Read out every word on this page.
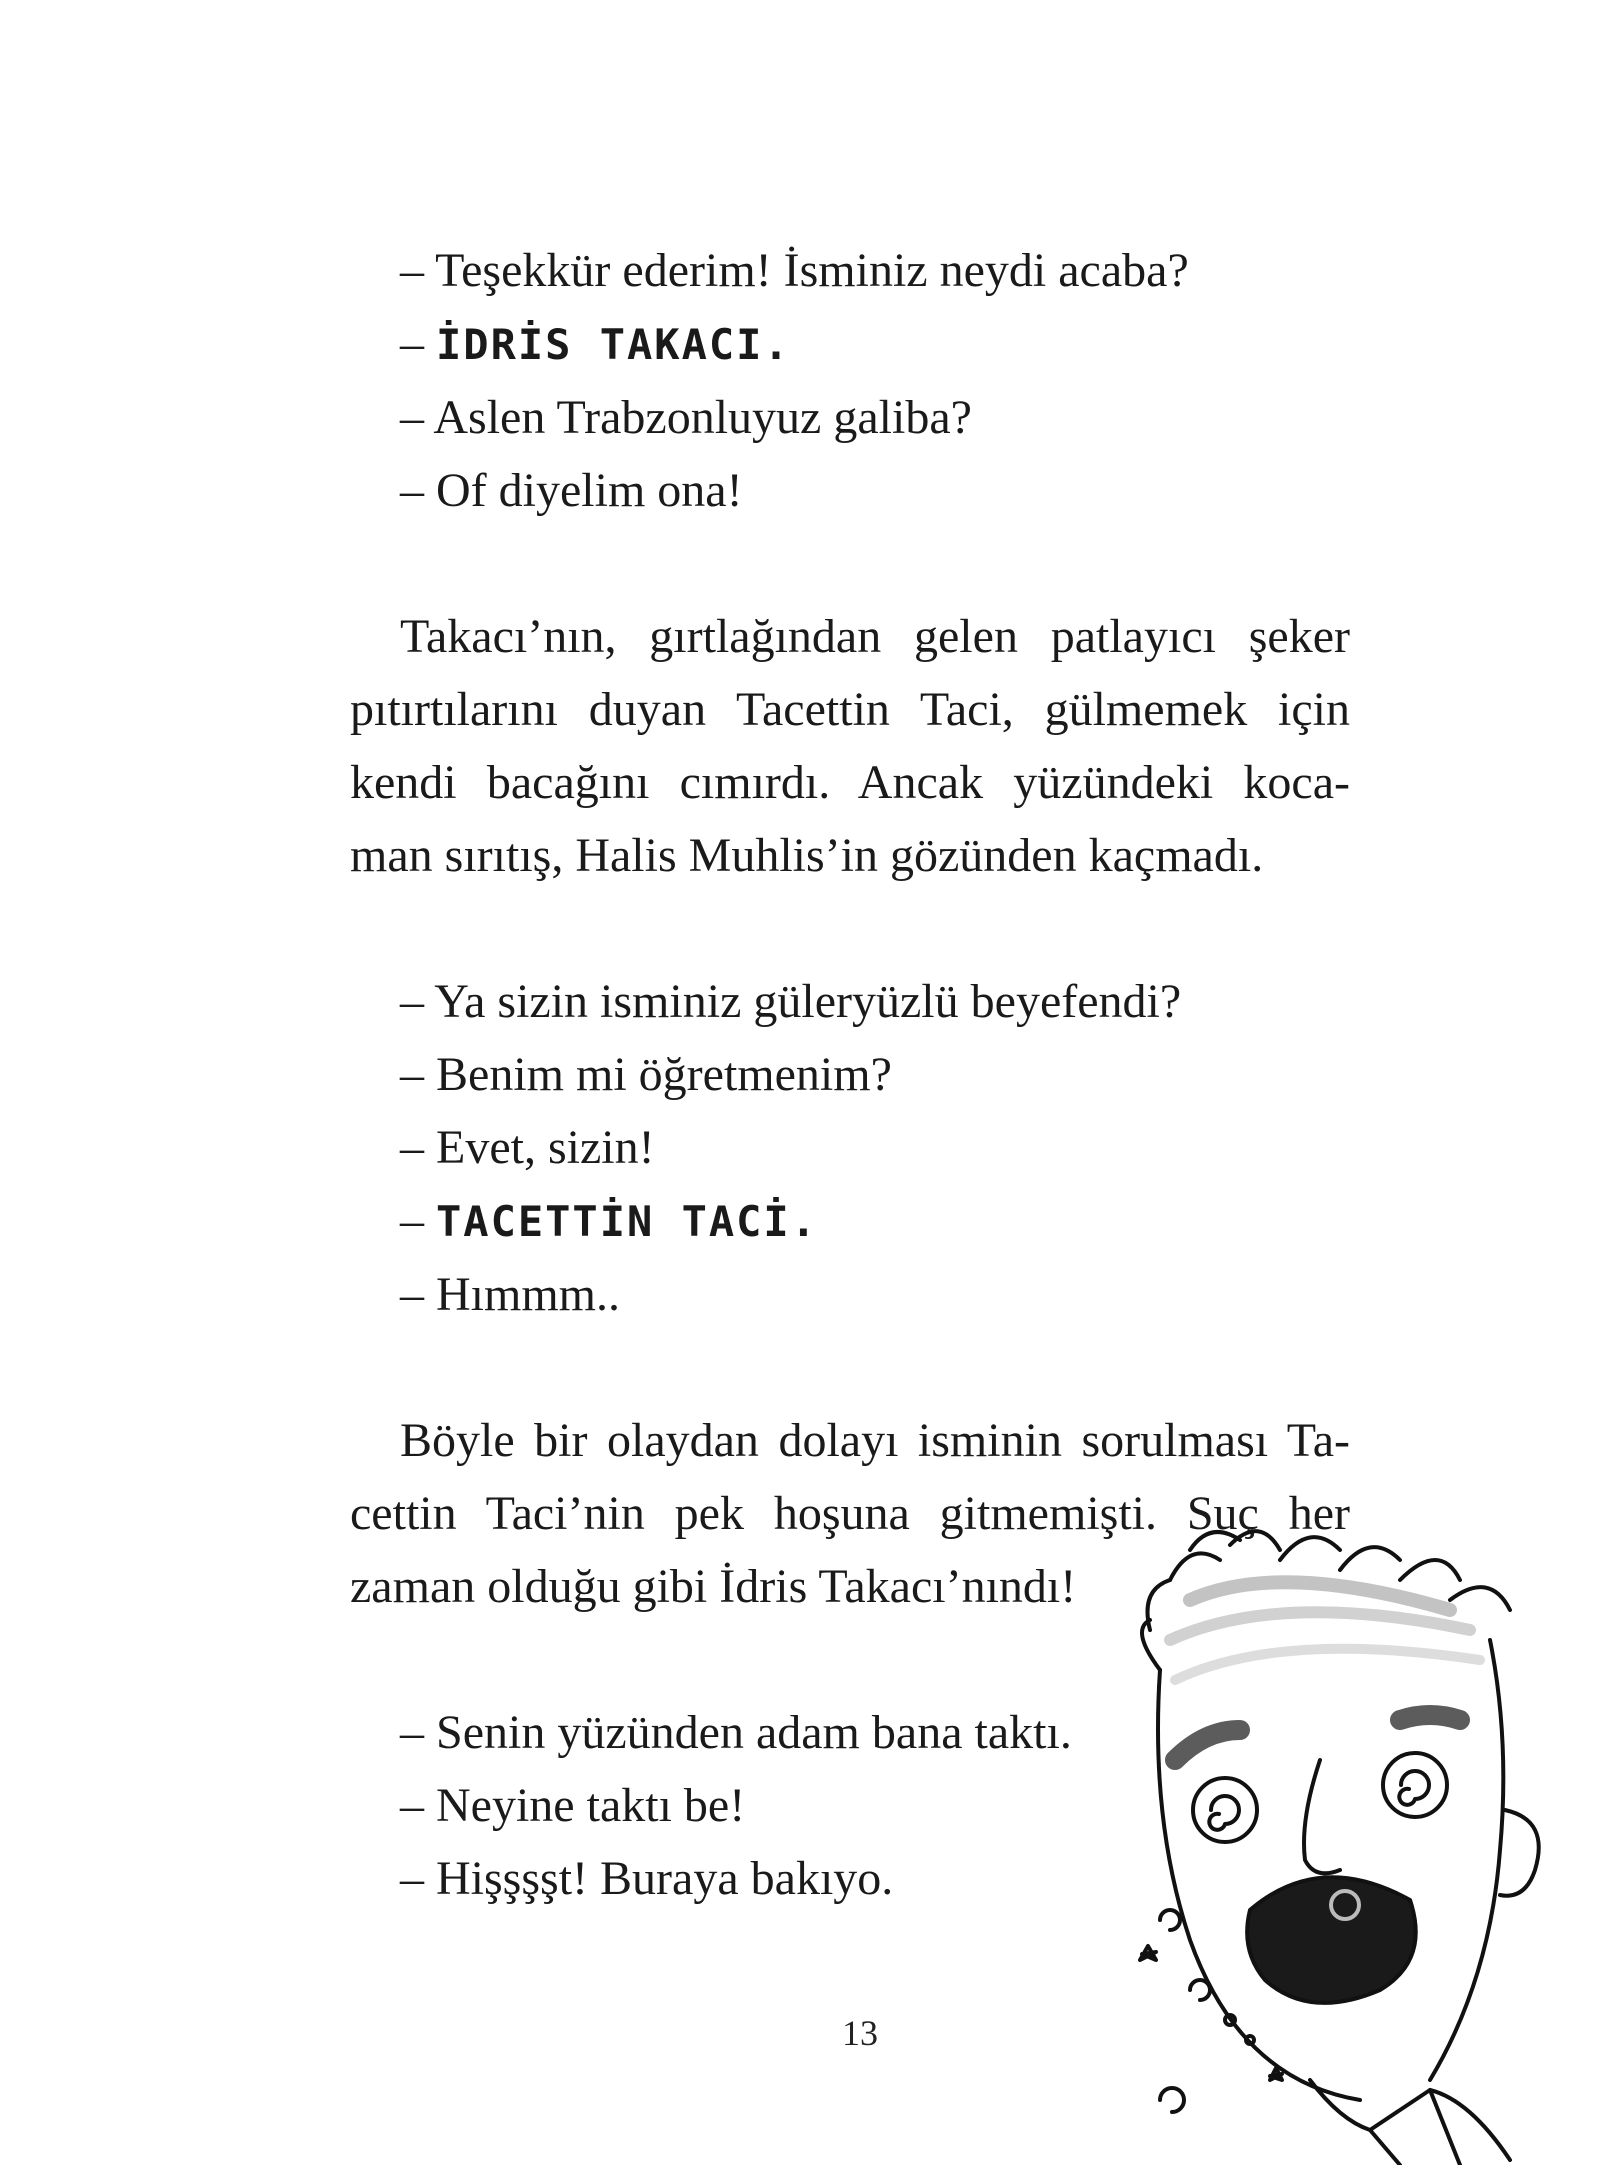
– Teşekkür ederim! İsminiz neydi acaba?
– İDRİS TAKACI.
– Aslen Trabzonluyuz galiba?
– Of diyelim ona!
Takacı’nın, gırtlağından gelen patlayıcı şeker
pıtırtılarını duyan Tacettin Taci, gülmemek için
kendi bacağını cımırdı. Ancak yüzündeki koca-
man sırıtış, Halis Muhlis’in gözünden kaçmadı.
– Ya sizin isminiz güleryüzlü beyefendi?
– Benim mi öğretmenim?
– Evet, sizin!
– TACETTİN TACİ.
– Hımmm..
Böyle bir olaydan dolayı isminin sorulması Ta-
cettin Taci’nin pek hoşuna gitmemişti. Suç her
zaman olduğu gibi İdris Takacı’nındı!
– Senin yüzünden adam bana taktı.
– Neyine taktı be!
– Hişşşşt! Buraya bakıyo.
13
